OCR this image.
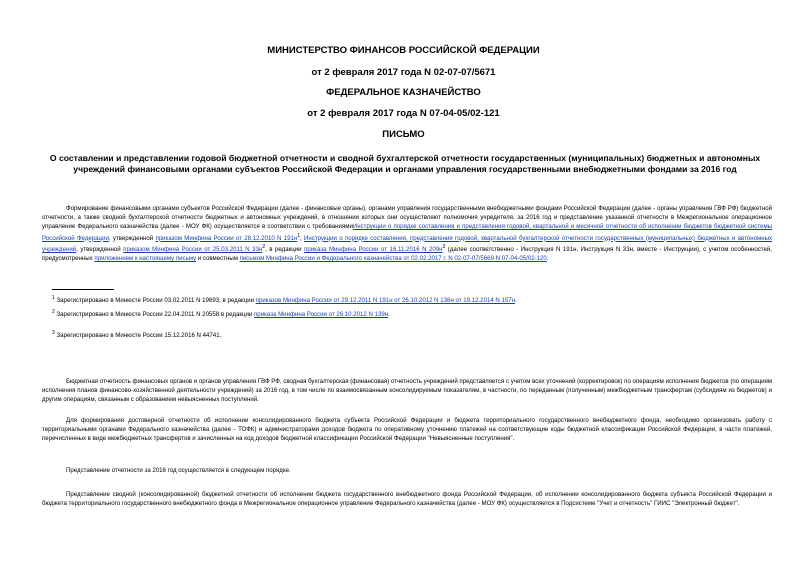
МИНИСТЕРСТВО ФИНАНСОВ РОССИЙСКОЙ ФЕДЕРАЦИИ
от 2 февраля 2017 года N 02-07-07/5671
ФЕДЕРАЛЬНОЕ КАЗНАЧЕЙСТВО
от 2 февраля 2017 года N 07-04-05/02-121
ПИСЬМО
О составлении и представлении годовой бюджетной отчетности и сводной бухгалтерской отчетности государственных (муниципальных) бюджетных и автономных учреждений финансовыми органами субъектов Российской Федерации и органами управления государственными внебюджетными фондами за 2016 год
Формирование финансовыми органами субъектов Российской Федерации (далее - финансовые органы), органами управления государственными внебюджетными фондами Российской Федерации (далее - органы управления ГВФ РФ) бюджетной отчетности, а также сводной бухгалтерской отчетности бюджетных и автономных учреждений, в отношении которых они осуществляют полномочия учредителя, за 2016 год и представление указанной отчетности в Межрегиональное операционное управление Федерального казначейства (далее - МОУ ФК) осуществляется в соответствии с требованиямиИнструкции о порядке составления и представления годовой, квартальной и месячной отчетности об исполнении бюджетов бюджетной системы Российской Федерации, утвержденной приказом Минфина России от 28.12.2010 N $191н^1$, Инструкции о порядке составления, представления годовой, квартальной бухгалтерской отчетности государственных (муниципальных) бюджетных и автономных учреждений, утвержденной приказом Минфина России от 25.03.2011 N $33н^2$, в редакции приказа Минфина России от 16.11.2016 N $209н^3$ (далее соответственно - Инструкция N 191н, Инструкция N 33н, вместе - Инструкции), с учетом особенностей, предусмотренных приложением к настоящему письму и совместным письмом Минфина России и Федерального казначейства от 02.02.2017 г. N 02-07-07/5669 N 07-04-05/02-120.
$^1$ Зарегистрировано в Минюсте России 03.02.2011 N 19693, в редакции приказов Минфина России от 29.12.2011 N 191н от 26.10.2012 N 138н от 19.12.2014 N 157н.
$^2$ Зарегистрировано в Минюсте России 22.04.2011 N 20558 в редакции приказа Минфина России от 26.10.2012 N 139н.
$^3$ Зарегистрировано в Минюсте России 15.12.2016 N 44741.
Бюджетная отчетность финансовых органов и органов управления ГВФ РФ, сводная бухгалтерская (финансовая) отчетность учреждений представляется с учетом всех уточнений (корректировок) по операциям исполнения бюджетов (по операциям исполнения планов финансово-хозяйственной деятельности учреждений) за 2016 год, в том числе по взаимосвязанным консолидируемым показателям, в частности, по переданным (полученным) межбюджетным трансфертам (субсидиям из бюджетов) и другим операциям, связанным с образованием невыясненных поступлений.
Для формирования достоверной отчетности об исполнении консолидированного бюджета субъекта Российской Федерации и бюджета территориального государственного внебюджетного фонда, необходимо организовать работу с территориальными органами Федерального казначейства (далее - ТОФК) и администраторами доходов бюджета по оперативному уточнению платежей на соответствующие коды бюджетной классификации Российской Федерации, в части платежей, перечисленных в виде межбюджетных трансфертов и зачисленных на код доходов бюджетной классификации Российской Федерации "Невыясненные поступления".
Представление отчетности за 2016 год осуществляется в следующем порядке.
Представление сводной (консолидированной) бюджетной отчетности об исполнении бюджета государственного внебюджетного фонда Российской Федерации, об исполнении консолидированного бюджета субъекта Российской Федерации и бюджета территориального государственного внебюджетного фонда в Межрегиональное операционное управление Федерального казначейства (далее - МОУ ФК) осуществляется в Подсистеме "Учет и отчетность" ГИИС "Электронный бюджет".
